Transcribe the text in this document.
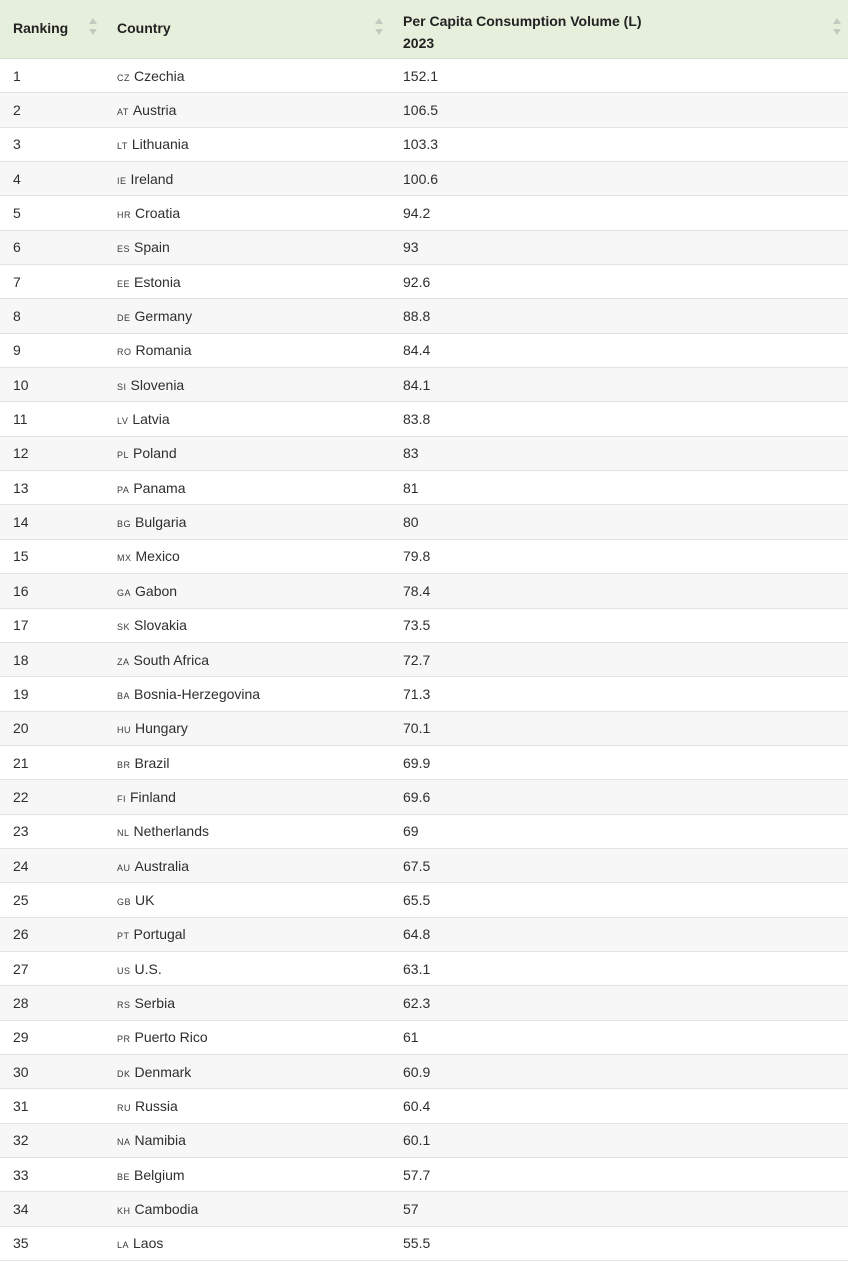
Ranking	Country	Per Capita Consumption Volume (L)
2023
1	CZ Czechia	152.1
2	AT Austria	106.5
3	LT Lithuania	103.3
4	IE Ireland	100.6
5	HR Croatia	94.2
6	ES Spain	93
7	EE Estonia	92.6
8	DE Germany	88.8
9	RO Romania	84.4
10	SI Slovenia	84.1
11	LV Latvia	83.8
12	PL Poland	83
13	PA Panama	81
14	BG Bulgaria	80
15	MX Mexico	79.8
16	GA Gabon	78.4
17	SK Slovakia	73.5
18	ZA South Africa	72.7
19	BA Bosnia-Herzegovina	71.3
20	HU Hungary	70.1
21	BR Brazil	69.9
22	FI Finland	69.6
23	NL Netherlands	69
24	AU Australia	67.5
25	GB UK	65.5
26	PT Portugal	64.8
27	US U.S.	63.1
28	RS Serbia	62.3
29	PR Puerto Rico	61
30	DK Denmark	60.9
31	RU Russia	60.4
32	NA Namibia	60.1
33	BE Belgium	57.7
34	KH Cambodia	57
35	LA Laos	55.5
